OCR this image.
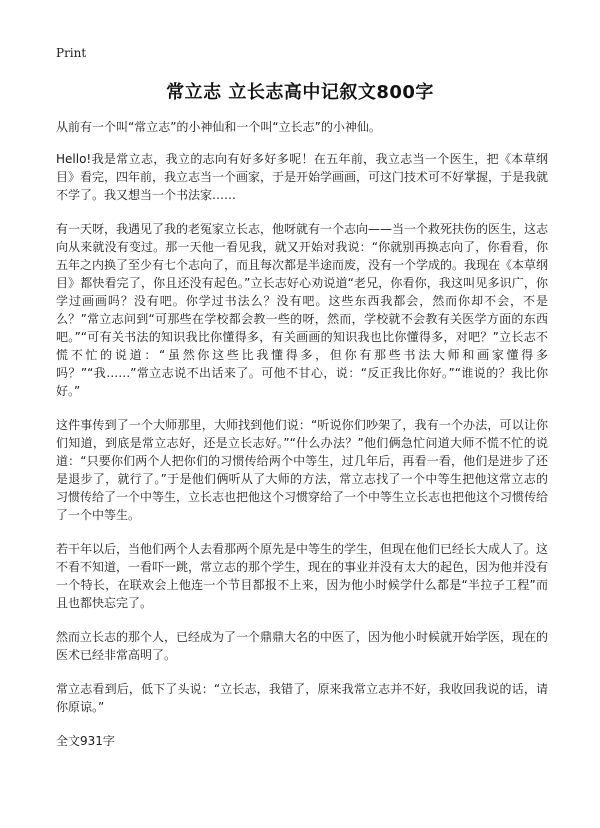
Print
常立志 立长志高中记叙文800字

从前有一个叫“常立志”的小神仙和一个叫“立长志”的小神仙。

Hello!我是常立志，我立的志向有好多好多呢！在五年前，我立志当一个医生，把《本草纲目》看完，四年前，我立志当一个画家，于是开始学画画，可这门技术可不好掌握，于是我就不学了。我又想当一个书法家……

有一天呀，我遇见了我的老冤家立长志，他呀就有一个志向——当一个救死扶伤的医生，这志向从来就没有变过。那一天他一看见我，就又开始对我说：“你就别再换志向了，你看看，你五年之内换了至少有七个志向了，而且每次都是半途而废，没有一个学成的。我现在《本草纲目》都快看完了，你且还没有起色。”立长志好心劝说道“老兄，你看你，我这叫见多识广，你学过画画吗？没有吧。你学过书法么？没有吧。这些东西我都会，然而你却不会，不是么？”常立志问到“可那些在学校都会教一些的呀，然而，学校就不会教有关医学方面的东西吧。”“可有关书法的知识我比你懂得多，有关画画的知识我也比你懂得多，对吧？”立长志不慌不忙的说道：“虽然你这些比我懂得多，但你有那些书法大师和画家懂得多吗？”“我……”常立志说不出话来了。可他不甘心，说：“反正我比你好。”“谁说的？我比你好。”

这件事传到了一个大师那里，大师找到他们说：“听说你们吵架了，我有一个办法，可以让你们知道，到底是常立志好，还是立长志好。”“什么办法？”他们俩急忙问道大师不慌不忙的说道：“只要你们两个人把你们的习惯传给两个中等生，过几年后，再看一看，他们是进步了还是退步了，就行了。”于是他们俩听从了大师的方法，常立志找了一个中等生把他这常立志的习惯传给了一个中等生，立长志也把他这个习惯穿给了一个中等生立长志也把他这个习惯传给了一个中等生。

若干年以后，当他们两个人去看那两个原先是中等生的学生，但现在他们已经长大成人了。这不看不知道，一看吓一跳，常立志的那个学生，现在的事业并没有太大的起色，因为他并没有一个特长，在联欢会上他连一个节目都报不上来，因为他小时候学什么都是“半拉子工程”而且也都快忘完了。

然而立长志的那个人，已经成为了一个鼎鼎大名的中医了，因为他小时候就开始学医，现在的医术已经非常高明了。

常立志看到后，低下了头说：“立长志，我错了，原来我常立志并不好，我收回我说的话，请你原谅。”

全文931字
